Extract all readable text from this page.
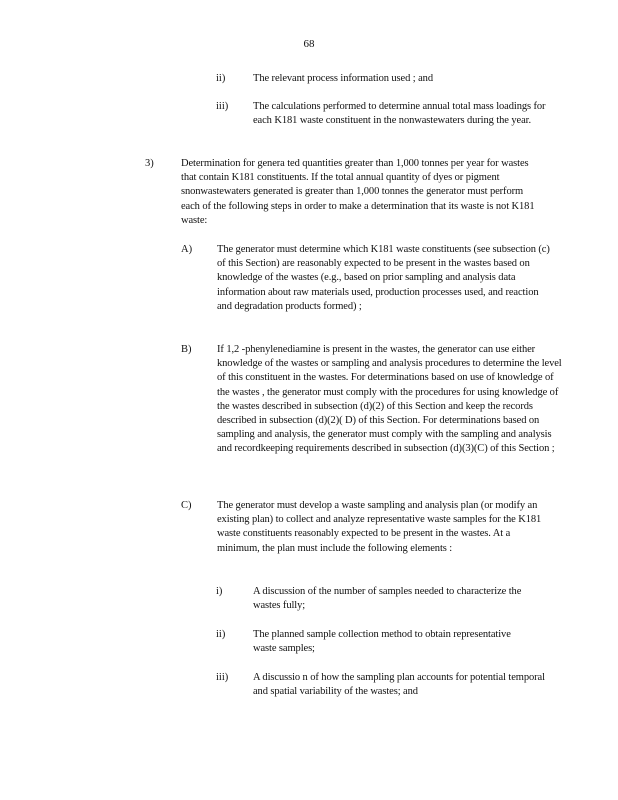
68
ii)	The relevant process information used ; and
iii) The calculations performed to determine annual total mass loadings for each K181 waste constituent in the nonwastewaters during the year.
3)	Determination for genera ted quantities greater than 1,000 tonnes per year for wastes that contain K181 constituents. If the total annual quantity of dyes or pigment snonwastewaters generated is greater than 1,000 tonnes the generator must perform each of the following steps in order to make a determination that its waste is not K181 waste:
A) The generator must determine which K181 waste constituents (see subsection (c) of this Section) are reasonably expected to be present in the wastes based on knowledge of the wastes (e.g., based on prior sampling and analysis data information about raw materials used, production processes used, and reaction and degradation products formed) ;
B) If 1,2 -phenylenediamine is present in the wastes, the generator can use either knowledge of the wastes or sampling and analysis procedures to determine the level of this constituent in the wastes. For determinations based on use of knowledge of the wastes , the generator must comply with the procedures for using knowledge of the wastes described in subsection (d)(2) of this Section and keep the records described in subsection (d)(2)( D) of this Section. For determinations based on sampling and analysis, the generator must comply with the sampling and analysis and recordkeeping requirements described in subsection (d)(3)(C) of this Section ;
C) The generator must develop a waste sampling and analysis plan (or modify an existing plan) to collect and analyze representative waste samples for the K181 waste constituents reasonably expected to be present in the wastes. At a minimum, the plan must include the following elements :
i)	A discussion of the number of samples needed to characterize the wastes fully;
ii)	The planned sample collection method to obtain representative waste samples;
iii) A discussio n of how the sampling plan accounts for potential temporal and spatial variability of the wastes; and
